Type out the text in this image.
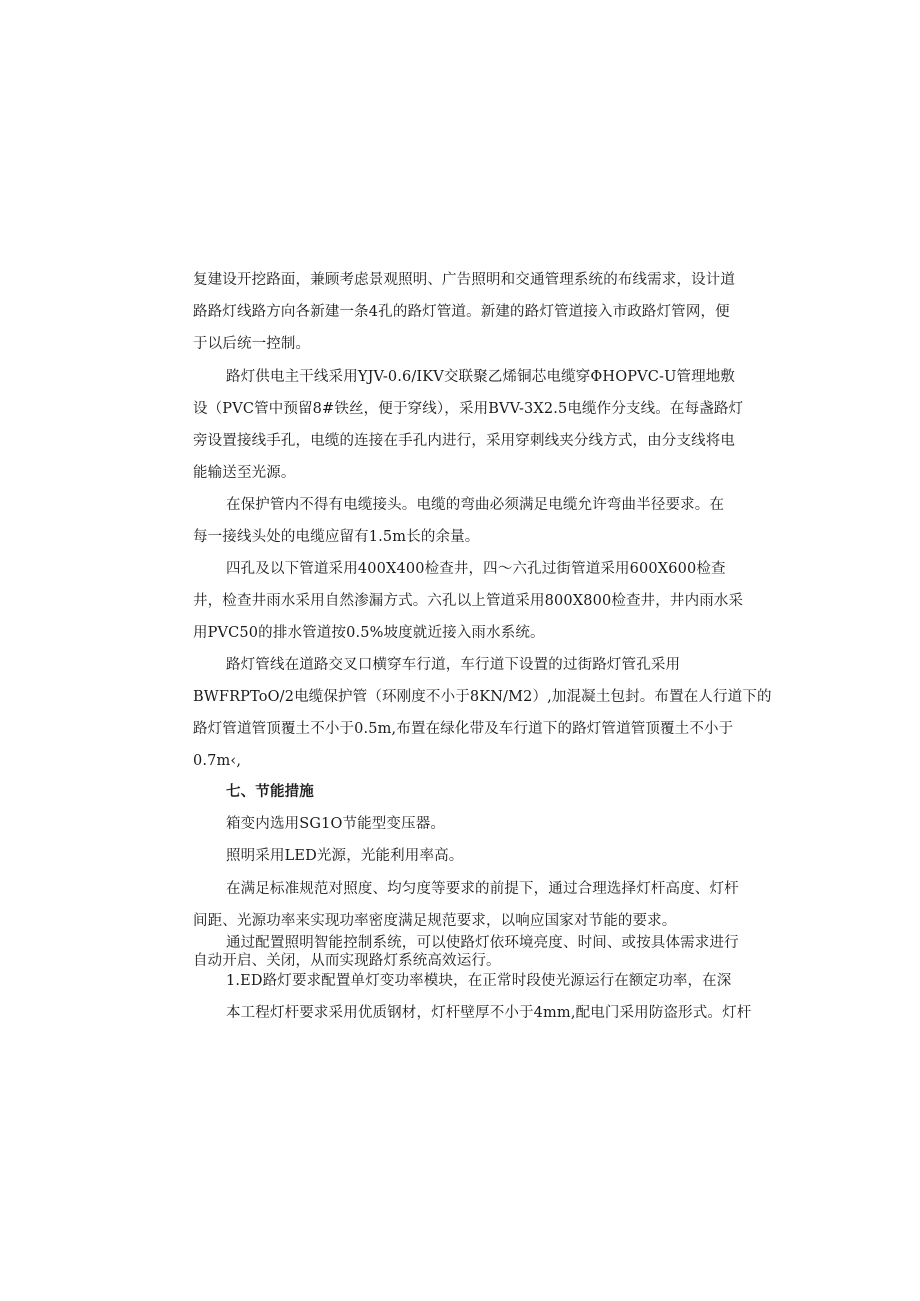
复建设开挖路面，兼顾考虑景观照明、广告照明和交通管理系统的布线需求，设计道
路路灯线路方向各新建一条4孔的路灯管道。新建的路灯管道接入市政路灯管网，便
于以后统一控制。
路灯供电主干线采用YJV-0.6/IKV交联聚乙烯铜芯电缆穿ΦHOPVC-U管理地敷
设（PVC管中预留8#铁丝，便于穿线），采用BVV-3X2.5电缆作分支线。在每盏路灯
旁设置接线手孔，电缆的连接在手孔内进行，采用穿刺线夹分线方式，由分支线将电
能输送至光源。
在保护管内不得有电缆接头。电缆的弯曲必须满足电缆允许弯曲半径要求。在
每一接线头处的电缆应留有1.5m长的余量。
四孔及以下管道采用400X400检查井，四～六孔过街管道采用600X600检查
井，检查井雨水采用自然渗漏方式。六孔以上管道采用800X800检查井，井内雨水采
用PVC50的排水管道按0.5%坡度就近接入雨水系统。
路灯管线在道路交叉口横穿车行道，车行道下设置的过街路灯管孔采用
BWFRPToO/2电缆保护管（环刚度不小于8KN/M2）,加混凝土包封。布置在人行道下的
路灯管道管顶覆土不小于0.5m,布置在绿化带及车行道下的路灯管道管顶覆土不小于
0.7m‹,
七、节能措施
箱变内选用SG1O节能型变压器。
照明采用LED光源，光能利用率高。
在满足标准规范对照度、均匀度等要求的前提下，通过合理选择灯杆高度、灯杆
间距、光源功率来实现功率密度满足规范要求，以响应国家对节能的要求。
通过配置照明智能控制系统，可以使路灯依环境亮度、时间、或按具体需求进行
自动开启、关闭，从而实现路灯系统高效运行。
1.ED路灯要求配置单灯变功率模块，在正常时段使光源运行在额定功率，在深
本工程灯杆要求采用优质钢材，灯杆壁厚不小于4mm,配电门采用防盗形式。灯杆
